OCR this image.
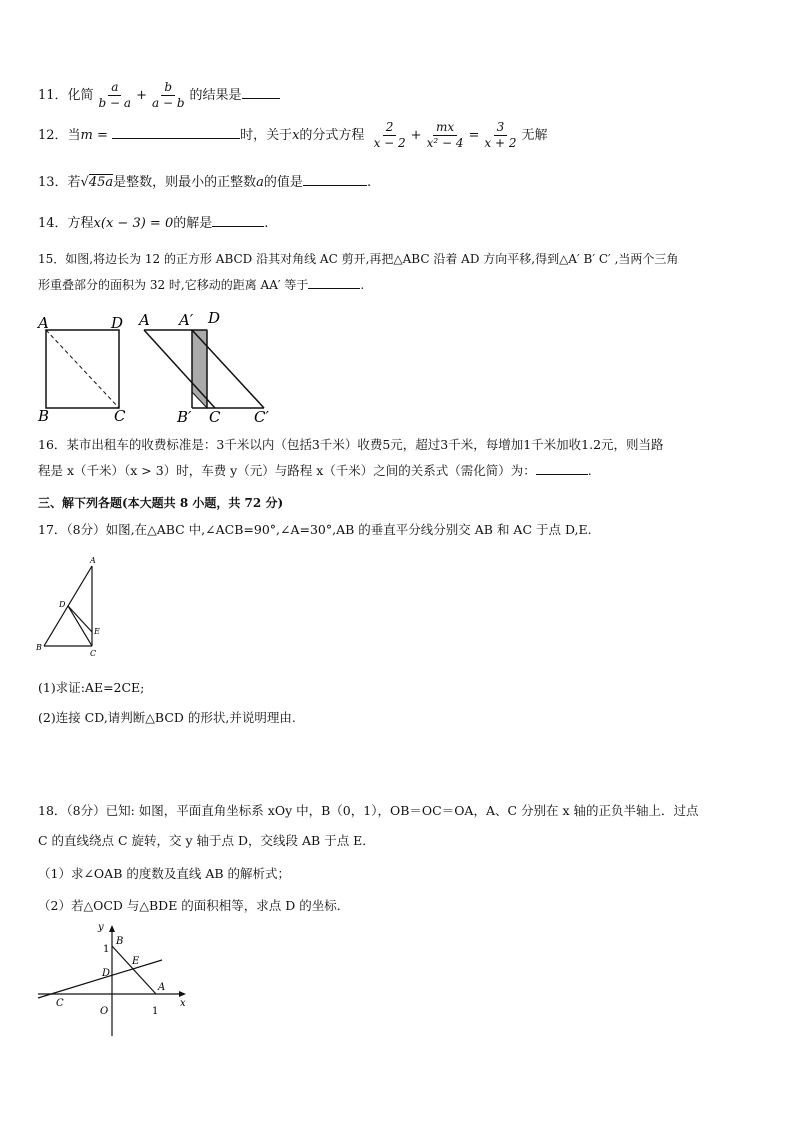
11．化简 $\frac{a}{b - a} + \frac{b}{a - b}$ 的结果是
12．当m =	时，关于x的分式方程 $\frac{2}{x - 2} + \frac{mx}{\text{x² − 4}} = \frac{3}{x + 2}$ 无解
13．若√45a是整数，则最小的正整数a的值是	.
14．方程x(x − 3) = 0的解是	.
15．如图,将边长为 12 的正方形 ABCD 沿其对角线 AC 剪开,再把△ABC 沿着 AD 方向平移,得到△A′ B′ C′ ,当两个三角
形重叠部分的面积为 32 时,它移动的距离 AA′ 等于	.
A	D
B	C
A A′ D
B′ C C′
16．某市出租车的收费标准是：3千米以内（包括3千米）收费5元，超过3千米，每增加1千米加收1.2元，则当路
程是 x（千米）（x > 3）时，车费 y（元）与路程 x（千米）之间的关系式（需化简）为：	.
三、解下列各题(本大题共 8 小题，共 72 分)
17．（8分）如图,在△ABC 中,∠ACB=90°,∠A=30°,AB 的垂直平分线分别交 AB 和 AC 于点 D,E.
A
D
E
B
C
(1)求证:AE=2CE;
(2)连接 CD,请判断△BCD 的形状,并说明理由.
18．（8分）已知: 如图，平面直角坐标系 xOy 中，B（0，1），OB＝OC＝OA，A、C 分别在 x 轴的正负半轴上．过点
C 的直线绕点 C 旋转，交 y 轴于点 D，交线段 AB 于点 E．
（1）求∠OAB 的度数及直线 AB 的解析式；
（2）若△OCD 与△BDE 的面积相等，求点 D 的坐标．
y
x
B
1
E
D
C
O
A
1
